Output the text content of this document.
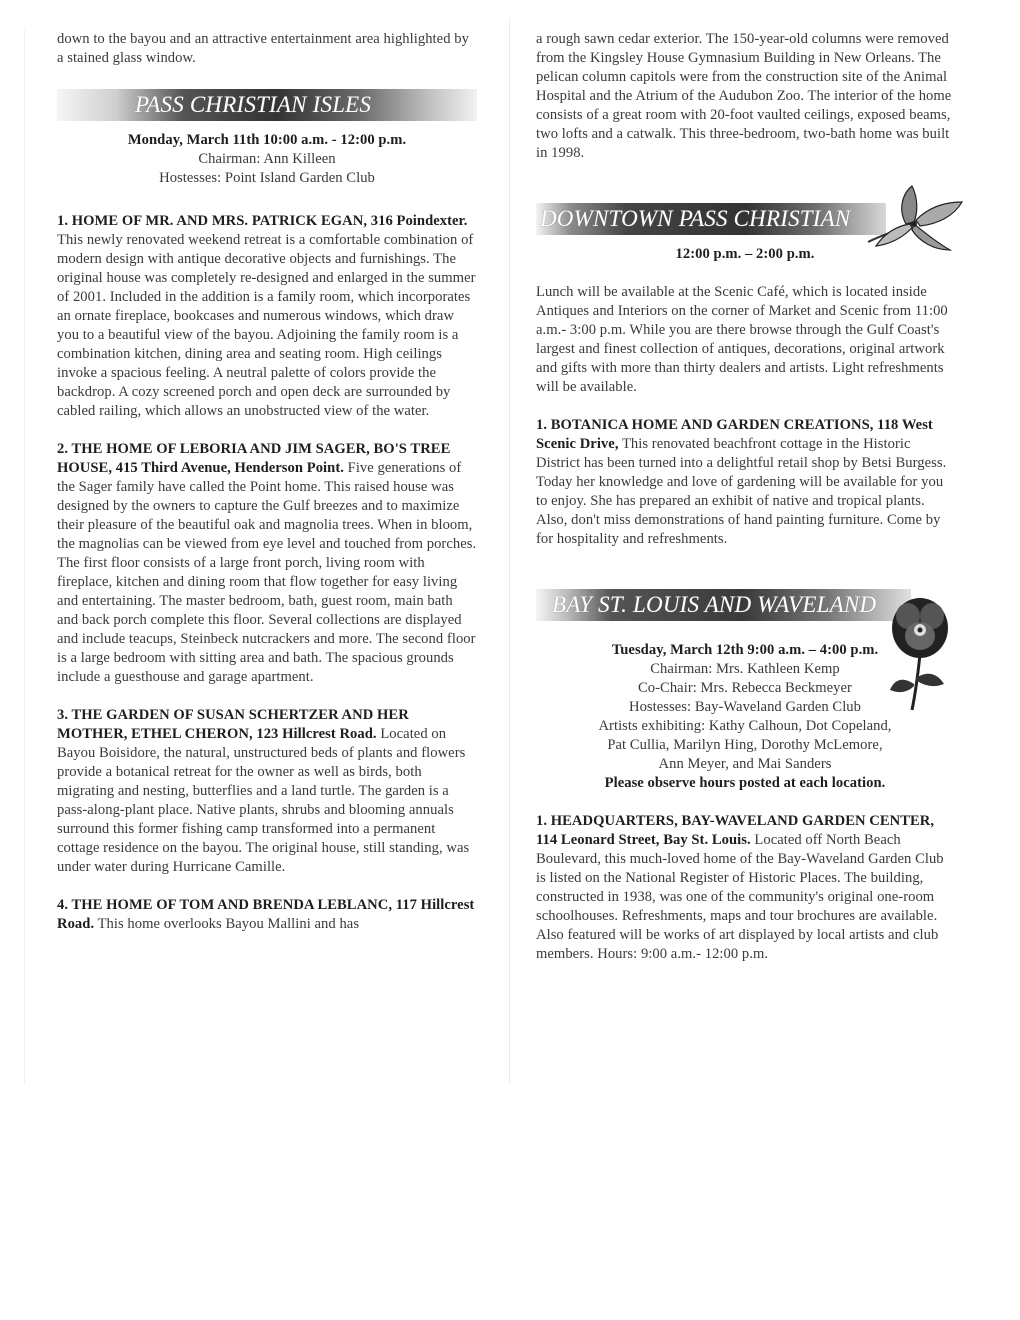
down to the bayou and an attractive entertainment area highlighted by a stained glass window.

PASS CHRISTIAN ISLES

Monday, March 11th 10:00 a.m. - 12:00 p.m.

Chairman: Ann Killeen

Hostesses: Point Island Garden Club

1. HOME OF MR. AND MRS. PATRICK EGAN, 316 Poindexter. This newly renovated weekend retreat is a comfortable combination of modern design with antique decorative objects and furnishings. The original house was completely re-designed and enlarged in the summer of 2001. Included in the addition is a family room, which incorporates an ornate fireplace, bookcases and numerous windows, which draw you to a beautiful view of the bayou. Adjoining the family room is a combination kitchen, dining area and seating room. High ceilings invoke a spacious feeling. A neutral palette of colors provide the backdrop. A cozy screened porch and open deck are surrounded by cabled railing, which allows an unobstructed view of the water.

2. THE HOME OF LEBORIA AND JIM SAGER, BO'S TREE HOUSE, 415 Third Avenue, Henderson Point. Five generations of the Sager family have called the Point home. This raised house was designed by the owners to capture the Gulf breezes and to maximize their pleasure of the beautiful oak and magnolia trees. When in bloom, the magnolias can be viewed from eye level and touched from porches. The first floor consists of a large front porch, living room with fireplace, kitchen and dining room that flow together for easy living and entertaining. The master bedroom, bath, guest room, main bath and back porch complete this floor. Several collections are displayed and include teacups, Steinbeck nutcrackers and more. The second floor is a large bedroom with sitting area and bath. The spacious grounds include a guesthouse and garage apartment.

3. THE GARDEN OF SUSAN SCHERTZER AND HER MOTHER, ETHEL CHERON, 123 Hillcrest Road. Located on Bayou Boisidore, the natural, unstructured beds of plants and flowers provide a botanical retreat for the owner as well as birds, both migrating and nesting, butterflies and a land turtle. The garden is a pass-along-plant place. Native plants, shrubs and blooming annuals surround this former fishing camp transformed into a permanent cottage residence on the bayou. The original house, still standing, was under water during Hurricane Camille.

4. THE HOME OF TOM AND BRENDA LEBLANC, 117 Hillcrest Road. This home overlooks Bayou Mallini and has

a rough sawn cedar exterior. The 150-year-old columns were removed from the Kingsley House Gymnasium Building in New Orleans. The pelican column capitols were from the construction site of the Animal Hospital and the Atrium of the Audubon Zoo. The interior of the home consists of a great room with 20-foot vaulted ceilings, exposed beams, two lofts and a catwalk. This three-bedroom, two-bath home was built in 1998.

DOWNTOWN PASS CHRISTIAN

12:00 p.m. – 2:00 p.m.

Lunch will be available at the Scenic Café, which is located inside Antiques and Interiors on the corner of Market and Scenic from 11:00 a.m.- 3:00 p.m. While you are there browse through the Gulf Coast's largest and finest collection of antiques, decorations, original artwork and gifts with more than thirty dealers and artists. Light refreshments will be available.

1. BOTANICA HOME AND GARDEN CREATIONS, 118 West Scenic Drive, This renovated beachfront cottage in the Historic District has been turned into a delightful retail shop by Betsi Burgess. Today her knowledge and love of gardening will be available for you to enjoy. She has prepared an exhibit of native and tropical plants. Also, don't miss demonstrations of hand painting furniture. Come by for hospitality and refreshments.

BAY ST. LOUIS AND WAVELAND

Tuesday, March 12th 9:00 a.m. – 4:00 p.m.

Chairman: Mrs. Kathleen Kemp

Co-Chair: Mrs. Rebecca Beckmeyer

Hostesses: Bay-Waveland Garden Club

Artists exhibiting: Kathy Calhoun, Dot Copeland,

Pat Cullia, Marilyn Hing, Dorothy McLemore,

Ann Meyer, and Mai Sanders

Please observe hours posted at each location.

1. HEADQUARTERS, BAY-WAVELAND GARDEN CENTER, 114 Leonard Street, Bay St. Louis. Located off North Beach Boulevard, this much-loved home of the Bay-Waveland Garden Club is listed on the National Register of Historic Places. The building, constructed in 1938, was one of the community's original one-room schoolhouses. Refreshments, maps and tour brochures are available. Also featured will be works of art displayed by local artists and club members. Hours: 9:00 a.m.- 12:00 p.m.
